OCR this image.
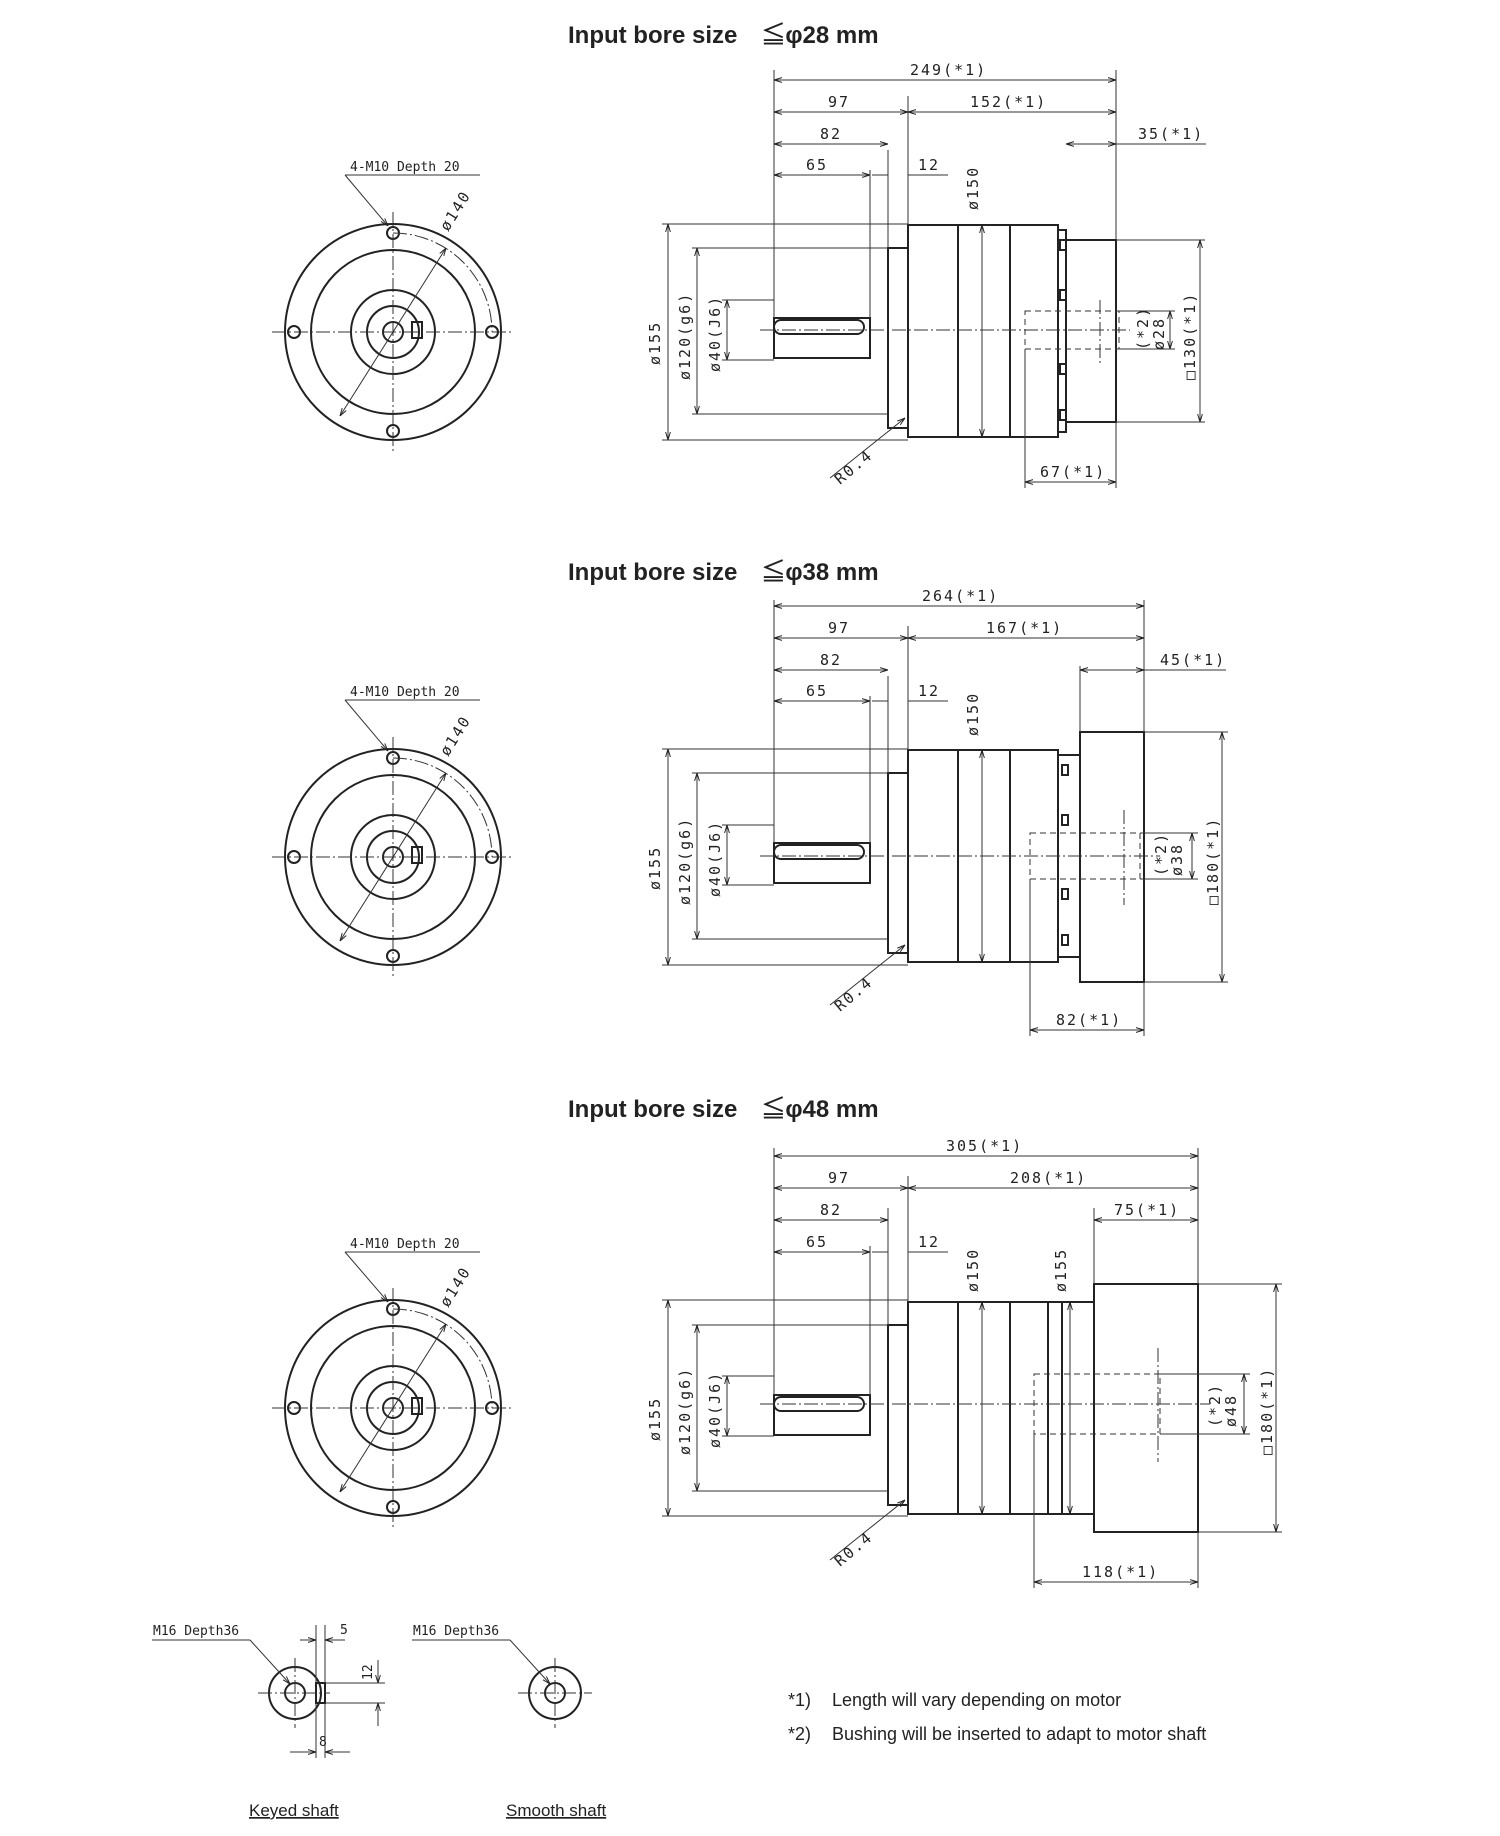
Input bore size　≦φ28 mm
4-M10 Depth 20
ø140
249(*1)
97	152(*1)
82	35(*1)
65	12
ø150
ø155 ø120(g6) ø40(J6)	(*2)
ø28 □130(*1)
R0.4	67(*1)
Input bore size　≦φ38 mm
4-M10 Depth 20
ø140
264(*1)
97	167(*1)
82	45(*1)
65	12
ø150
ø155 ø120(g6) ø40(J6)	(*2)
ø38 □180(*1)
R0.4
82(*1)
Input bore size　≦φ48 mm
4-M10 Depth 20
ø140
305(*1)
97	208(*1)
82	75(*1)
65	12
ø150	ø155
ø155 ø120(g6) ø40(J6)	(*2)
ø48 □180(*1)
R0.4
118(*1)
M16 Depth36	5
12
8
Keyed shaft
M16 Depth36
Smooth shaft
*1) Length will vary depending on motor
*2) Bushing will be inserted to adapt to motor shaft
